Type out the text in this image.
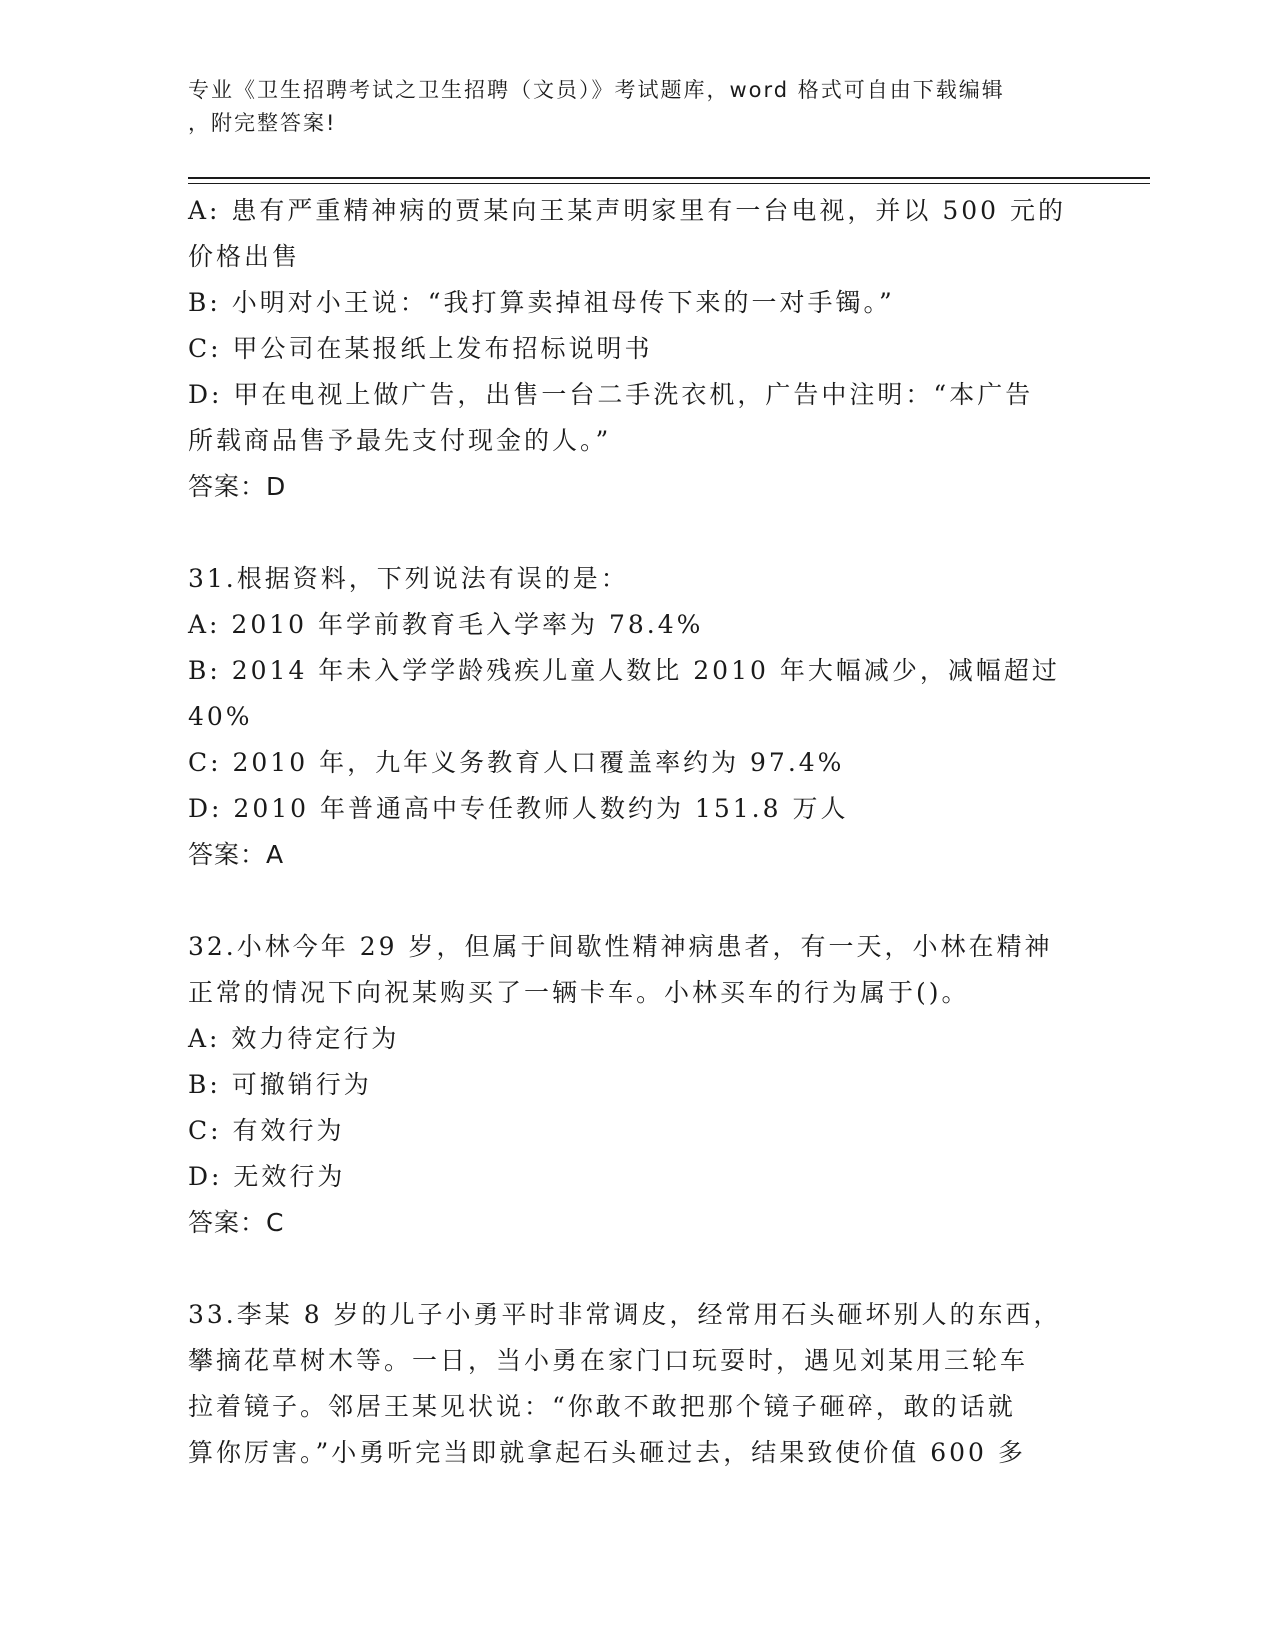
专业《卫生招聘考试之卫生招聘（文员）》考试题库，word 格式可自由下载编辑
，附完整答案!
A: 患有严重精神病的贾某向王某声明家里有一台电视，并以 500 元的
价格出售
B: 小明对小王说：“我打算卖掉祖母传下来的一对手镯。”
C: 甲公司在某报纸上发布招标说明书
D: 甲在电视上做广告，出售一台二手洗衣机，广告中注明：“本广告
所载商品售予最先支付现金的人。”
答案：D
31.根据资料，下列说法有误的是：
A: 2010 年学前教育毛入学率为 78.4%
B: 2014 年未入学学龄残疾儿童人数比 2010 年大幅减少，减幅超过
40%
C: 2010 年，九年义务教育人口覆盖率约为 97.4%
D: 2010 年普通高中专任教师人数约为 151.8 万人
答案：A
32.小林今年 29 岁，但属于间歇性精神病患者，有一天，小林在精神
正常的情况下向祝某购买了一辆卡车。小林买车的行为属于()。
A: 效力待定行为
B: 可撤销行为
C: 有效行为
D: 无效行为
答案：C
33.李某 8 岁的儿子小勇平时非常调皮，经常用石头砸坏别人的东西，
攀摘花草树木等。一日，当小勇在家门口玩耍时，遇见刘某用三轮车
拉着镜子。邻居王某见状说：“你敢不敢把那个镜子砸碎，敢的话就
算你厉害。”小勇听完当即就拿起石头砸过去，结果致使价值 600 多
